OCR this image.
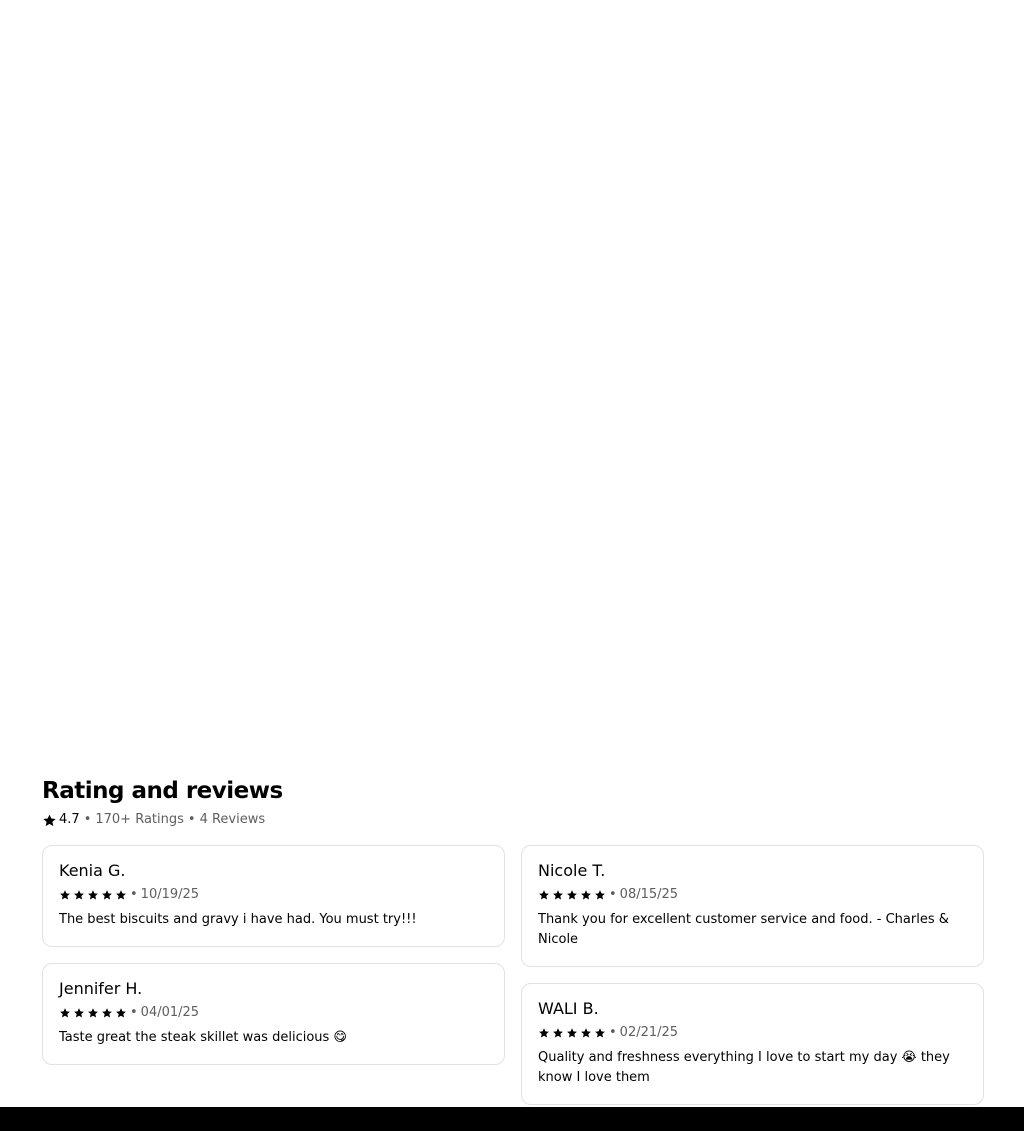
Rating and reviews
4.7 • 170+ Ratings • 4 Reviews
Kenia G.
• 10/19/25
The best biscuits and gravy i have had. You must try!!!
Jennifer H.
• 04/01/25
Taste great the steak skillet was delicious 😋
Nicole T.
• 08/15/25
Thank you for excellent customer service and food. - Charles & Nicole
WALI B.
• 02/21/25
Quality and freshness everything I love to start my day 😭 they know I love them
